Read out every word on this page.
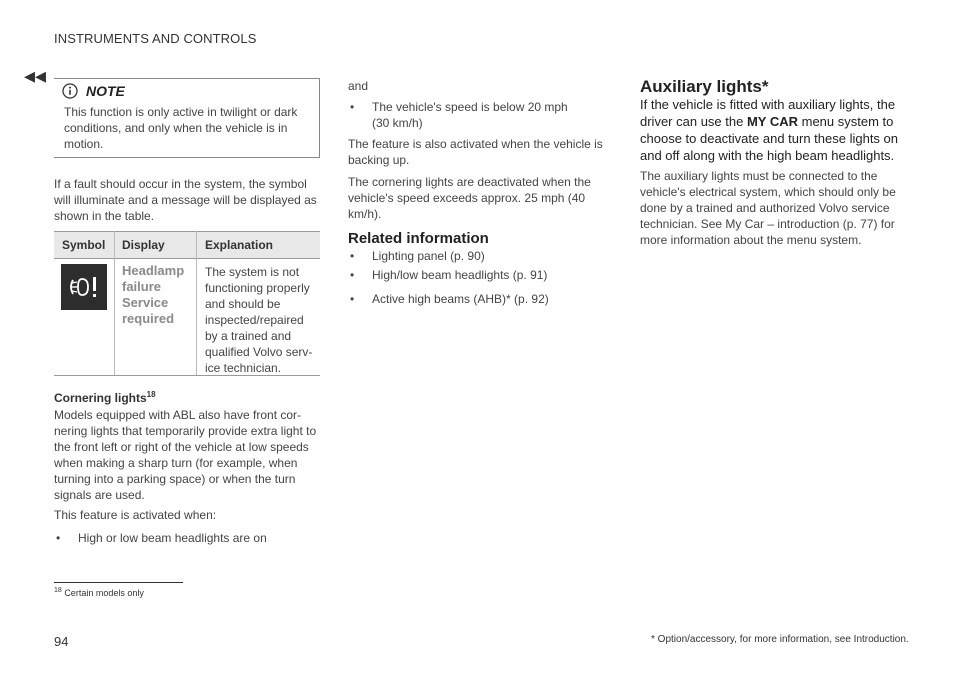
INSTRUMENTS AND CONTROLS
◂◂
NOTE
This function is only active in twilight or dark conditions, and only when the vehicle is in motion.
If a fault should occur in the system, the symbol will illuminate and a message will be displayed as shown in the table.
Symbol Display	Explanation
Headlamp failure Service required
The system is not functioning properly and should be inspected/repaired by a trained and qualified Volvo serv-ice technician.
Cornering lights$^{18}$
Models equipped with ABL also have front cor-nering lights that temporarily provide extra light to the front left or right of the vehicle at low speeds when making a sharp turn (for example, when turning into a parking space) or when the turn signals are used.
This feature is activated when:
• High or low beam headlights are on
and
• The vehicle's speed is below 20 mph (30 km/h)
The feature is also activated when the vehicle is backing up.
The cornering lights are deactivated when the vehicle's speed exceeds approx. 25 mph (40 km/h).
Related information
• Lighting panel (p. 90)
• High/low beam headlights (p. 91)
• Active high beams (AHB)* (p. 92)
Auxiliary lights*
If the vehicle is fitted with auxiliary lights, the driver can use the MY CAR menu system to choose to deactivate and turn these lights on and off along with the high beam headlights.
The auxiliary lights must be connected to the vehicle's electrical system, which should only be done by a trained and authorized Volvo service technician. See My Car – introduction (p. 77) for more information about the menu system.
$^{18}$ Certain models only
94	* Option/accessory, for more information, see Introduction.
